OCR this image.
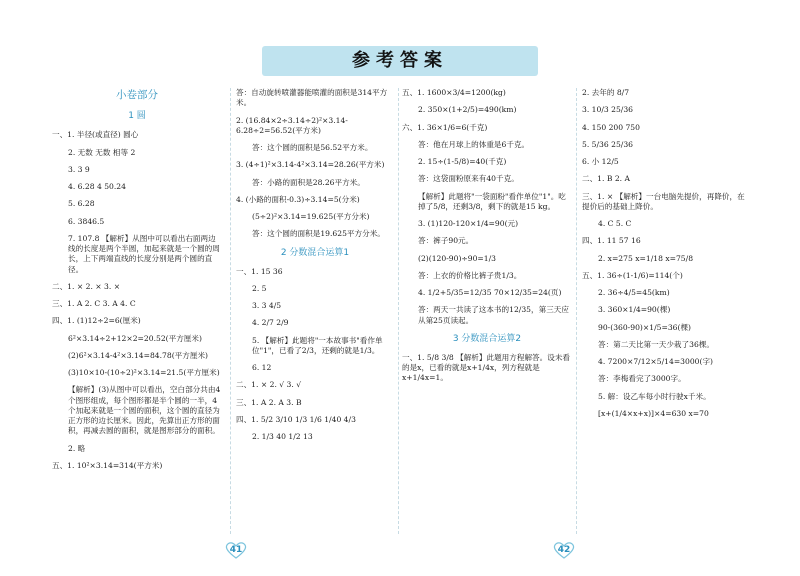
参考答案
小卷部分
1 圆

一、1. 半径(或直径) 圆心

2. 无数 无数 相等 2

3. 3 9

4. 6.28 4 50.24

5. 6.28

6. 3846.5

7. 107.8 【解析】从图中可以看出右面两边线的长度是两个半圆，加起来就是一个圆的周长，上下两端直线的长度分别是两个圆的直径。

二、1. × 2. × 3. ×

三、1. A 2. C 3. A 4. C

四、1. (1)12÷2=6(厘米)

6²×3.14÷2+12×2=20.52(平方厘米)

(2)6²×3.14-4²×3.14=84.78(平方厘米)

(3)10×10-(10÷2)²×3.14=21.5(平方厘米)

【解析】(3)从图中可以看出，空白部分共由4个图形组成，每个图形都是半个圆的一半，4个加起来就是一个圆的面积，这个圆的直径为正方形的边长厘米。因此，先算出正方形的面积，再减去圆的面积，就是图形部分的面积。

2. 略

五、1. 10²×3.14=314(平方米)

答：自动旋转喷灌器能喷灌的面积是314平方米。

2. (16.84×2÷3.14÷2)²×3.14-6.28÷2=56.52(平方米)

答：这个圆的面积是56.52平方米。

3. (4÷1)²×3.14-4²×3.14=28.26(平方米)

答：小路的面积是28.26平方米。

4. (小路的面积-0.3)÷3.14=5(分米)

(5÷2)²×3.14=19.625(平方分米)

答：这个圆的面积是19.625平方分米。

2 分数混合运算1

一、1. 15 36

2. 5

3. 3 4/5

4. 2/7 2/9

5. 【解析】此题将"一本故事书"看作单位"1"，已看了2/3，还剩的就是1/3。

6. 12

二、1. × 2. √ 3. √

三、1. A 2. A 3. B

四、1. 5/2 3/10 1/3 1/6 1/40 4/3

2. 1/3 40 1/2 13

五、1. 1600×3/4=1200(kg)

2. 350×(1+2/5)=490(km)

六、1. 36×1/6=6(千克)

答：他在月球上的体重是6千克。

2. 15÷(1-5/8)=40(千克)

答：这袋面粉原来有40千克。

【解析】此题将"一袋面粉"看作单位"1"。吃掉了5/8，还剩3/8，剩下的就是15 kg。

3. (1)120-120×1/4=90(元)

答：裤子90元。

(2)(120-90)÷90=1/3

答：上衣的价格比裤子贵1/3。

4. 1/2+5/35=12/35 70×12/35=24(页)

答：两天一共读了这本书的12/35，第三天应从第25页读起。

3 分数混合运算2

一、1. 5/8 3/8 【解析】此题用方程解答。设未看的是x，已看的就是x+1/4x，列方程就是x+1/4x=1。

2. 去年的 8/7

3. 10/3 25/36

4. 150 200 750

5. 5/36 25/36

6. 小 12/5

二、1. B 2. A

三、1. × 【解析】一台电脑先提价，再降价，在提价后的基础上降价。

4. C 5. C

四、1. 11 57 16

2. x=275 x=1/18 x=75/8

五、1. 36÷(1-1/6)=114(个)

2. 36÷4/5=45(km)

3. 360×1/4=90(棵)

90-(360-90)×1/5=36(棵)

答：第二天比第一天少栽了36棵。

4. 7200×7/12×5/14=3000(字)

答：李梅看完了3000字。

5. 解：设乙车每小时行驶x千米。

[x+(1/4×x+x)]×4=630 x=70

41	42
